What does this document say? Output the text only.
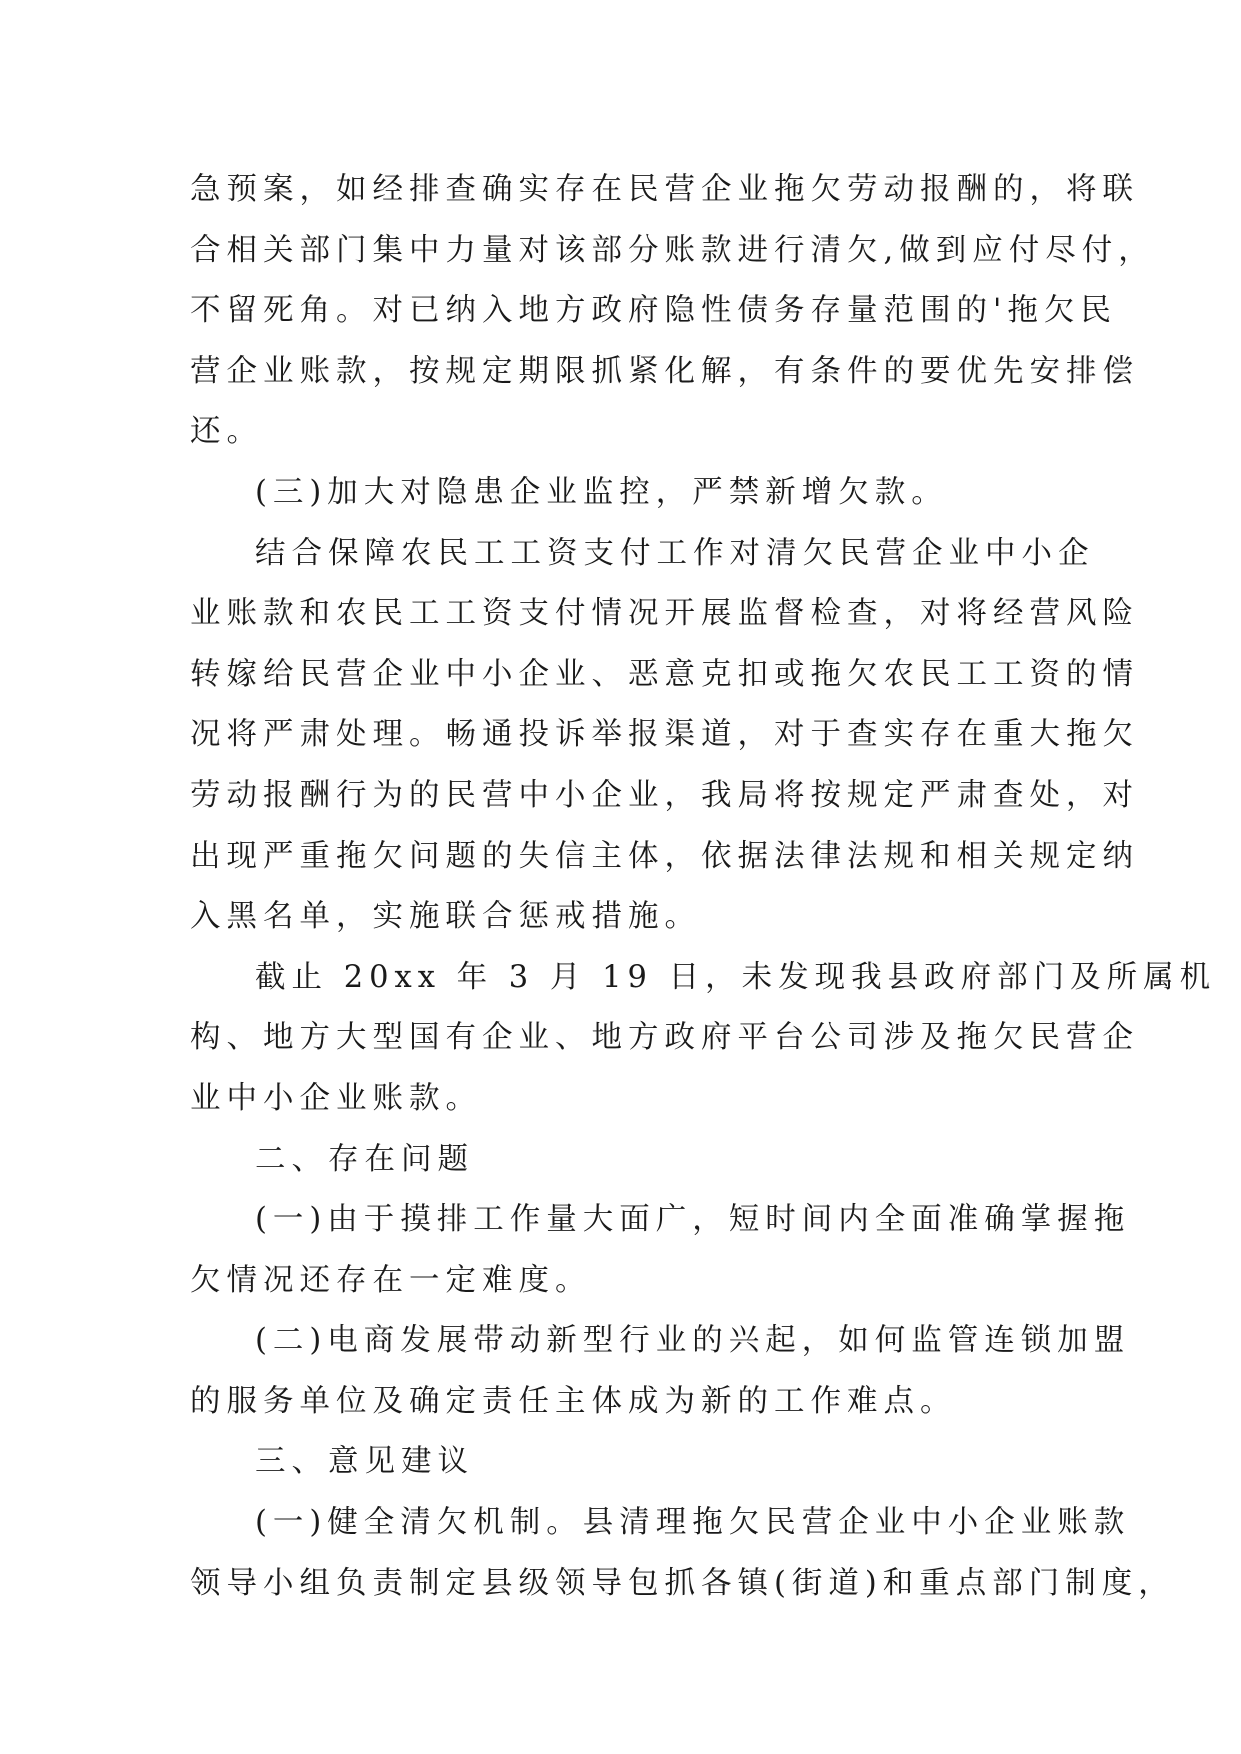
急预案，如经排查确实存在民营企业拖欠劳动报酬的，将联
合相关部门集中力量对该部分账款进行清欠,做到应付尽付，
不留死角。对已纳入地方政府隐性债务存量范围的'拖欠民
营企业账款，按规定期限抓紧化解，有条件的要优先安排偿
还。
(三)加大对隐患企业监控，严禁新增欠款。
结合保障农民工工资支付工作对清欠民营企业中小企
业账款和农民工工资支付情况开展监督检查，对将经营风险
转嫁给民营企业中小企业、恶意克扣或拖欠农民工工资的情
况将严肃处理。畅通投诉举报渠道，对于查实存在重大拖欠
劳动报酬行为的民营中小企业，我局将按规定严肃查处，对
出现严重拖欠问题的失信主体，依据法律法规和相关规定纳
入黑名单，实施联合惩戒措施。
截止 20xx 年 3 月 19 日，未发现我县政府部门及所属机
构、地方大型国有企业、地方政府平台公司涉及拖欠民营企
业中小企业账款。
二、存在问题
(一)由于摸排工作量大面广，短时间内全面准确掌握拖
欠情况还存在一定难度。
(二)电商发展带动新型行业的兴起，如何监管连锁加盟
的服务单位及确定责任主体成为新的工作难点。
三、意见建议
(一)健全清欠机制。县清理拖欠民营企业中小企业账款
领导小组负责制定县级领导包抓各镇(街道)和重点部门制度，
